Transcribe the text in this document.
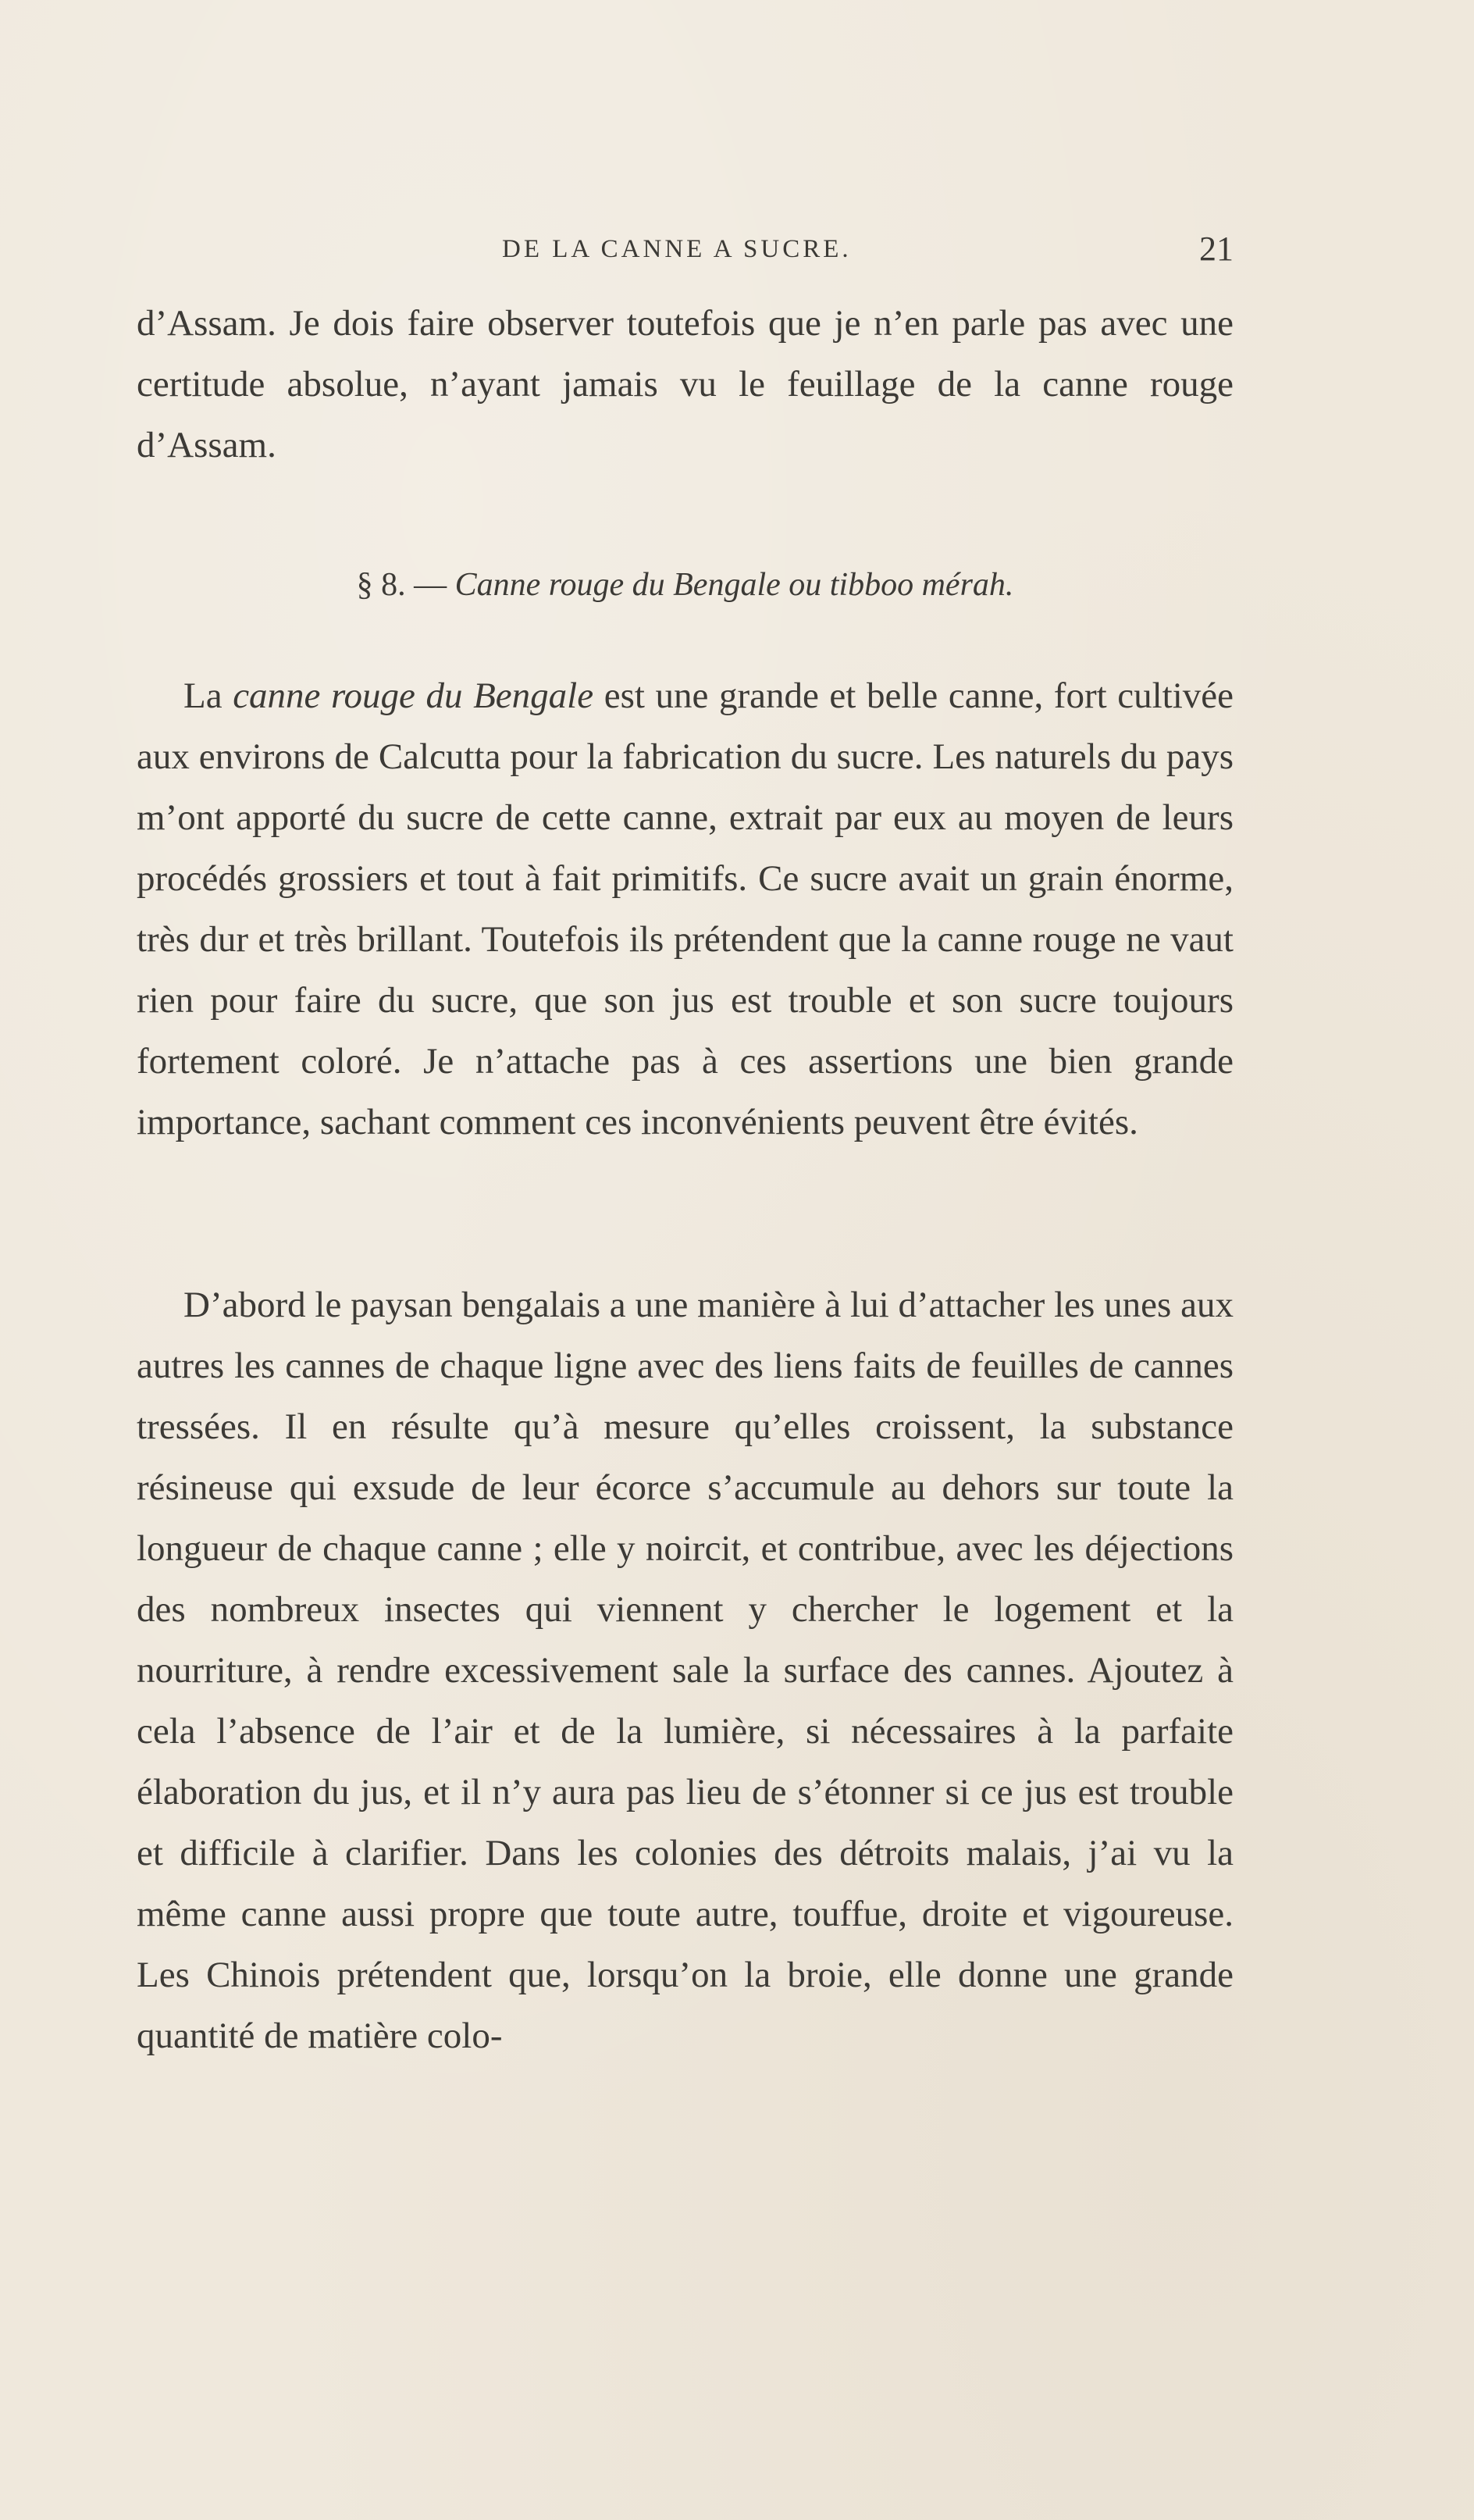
DE LA CANNE A SUCRE.	21

d’Assam. Je dois faire observer toutefois que je n’en parle pas avec une certitude absolue, n’ayant jamais vu le feuillage de la canne rouge d’Assam.

§ 8. — Canne rouge du Bengale ou tibboo mérah.

La canne rouge du Bengale est une grande et belle canne, fort cultivée aux environs de Calcutta pour la fabrication du sucre. Les naturels du pays m’ont apporté du sucre de cette canne, extrait par eux au moyen de leurs procédés grossiers et tout à fait primitifs. Ce sucre avait un grain énorme, très dur et très brillant. Toutefois ils prétendent que la canne rouge ne vaut rien pour faire du sucre, que son jus est trouble et son sucre toujours fortement coloré. Je n’attache pas à ces assertions une bien grande importance, sachant comment ces inconvénients peuvent être évités.

D’abord le paysan bengalais a une manière à lui d’attacher les unes aux autres les cannes de chaque ligne avec des liens faits de feuilles de cannes tressées. Il en résulte qu’à mesure qu’elles croissent, la substance résineuse qui exsude de leur écorce s’accumule au dehors sur toute la longueur de chaque canne ; elle y noircit, et contribue, avec les déjections des nombreux insectes qui viennent y chercher le logement et la nourriture, à rendre excessivement sale la surface des cannes. Ajoutez à cela l’absence de l’air et de la lumière, si nécessaires à la parfaite élaboration du jus, et il n’y aura pas lieu de s’étonner si ce jus est trouble et difficile à clarifier. Dans les colonies des détroits malais, j’ai vu la même canne aussi propre que toute autre, touffue, droite et vigoureuse. Les Chinois prétendent que, lorsqu’on la broie, elle donne une grande quantité de matière colo-
